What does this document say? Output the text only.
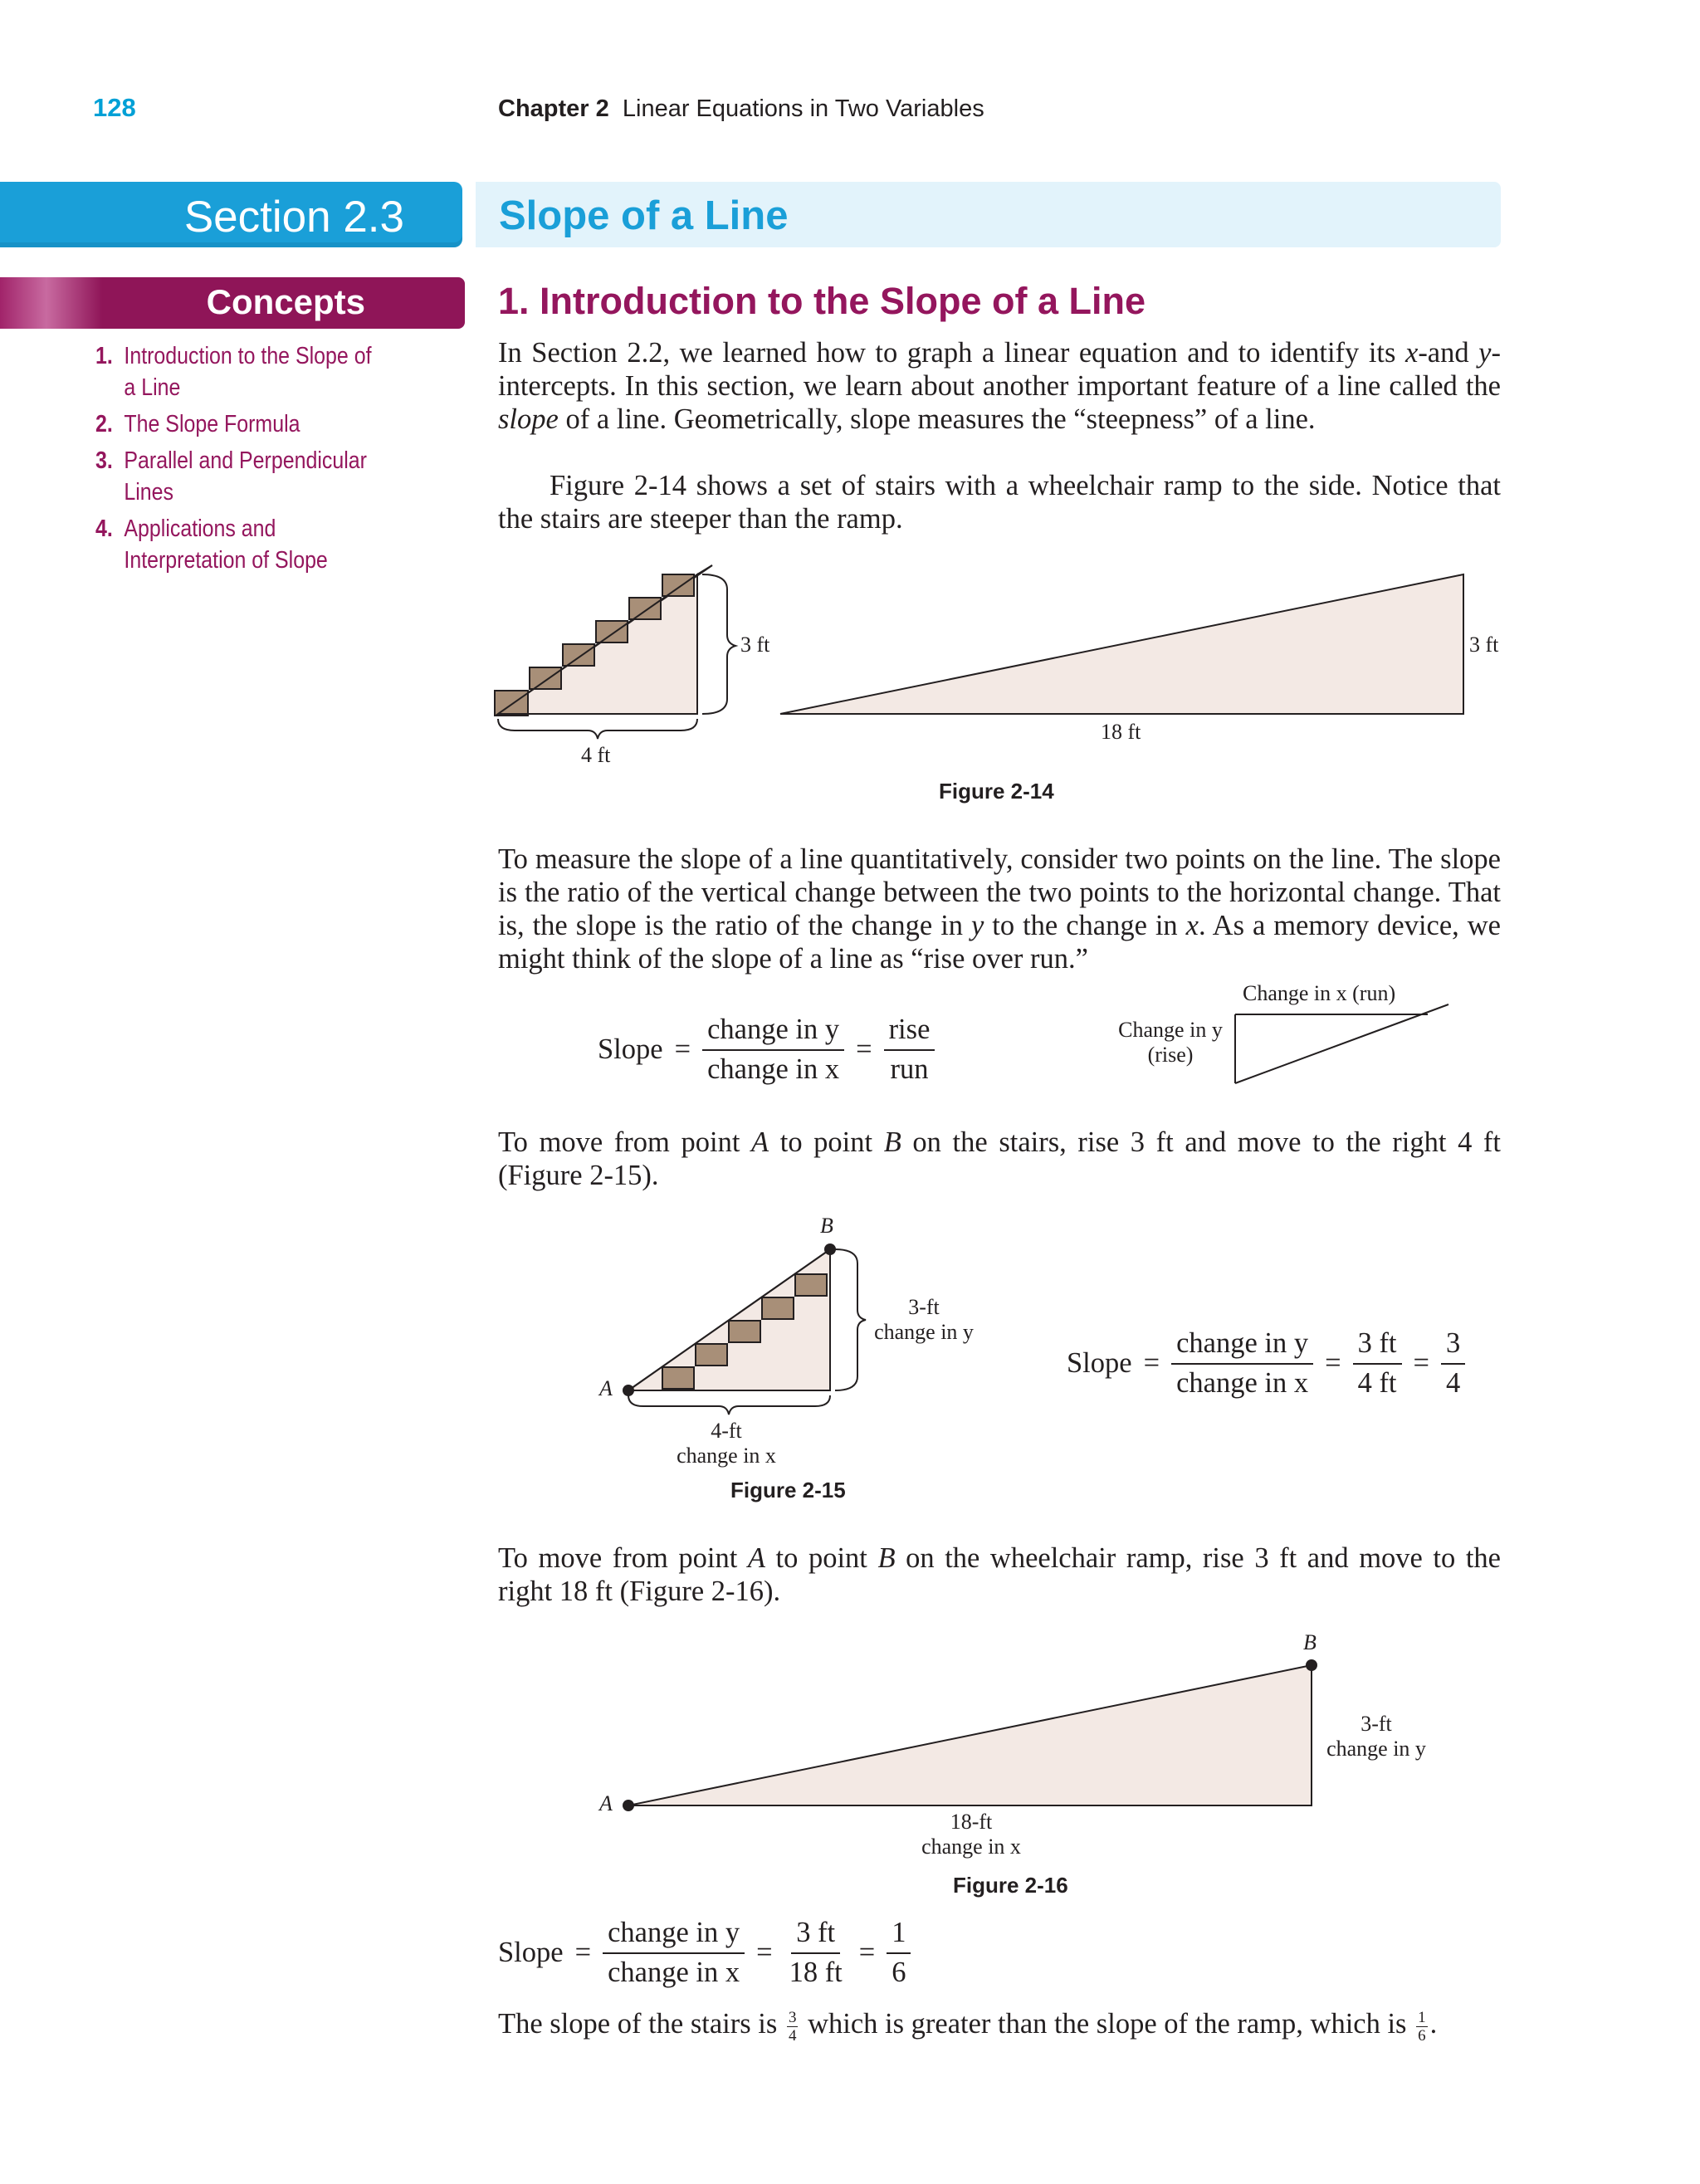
128	Chapter 2 Linear Equations in Two Variables
Section 2.3 Slope of a Line
Concepts
1. Introduction to the Slope of a Line
2. The Slope Formula
3. Parallel and Perpendicular Lines
4. Applications and Interpretation of Slope
1. Introduction to the Slope of a Line
In Section 2.2, we learned how to graph a linear equation and to identify its x-and y-intercepts. In this section, we learn about another important feature of a line called the slope of a line. Geometrically, slope measures the “steepness” of a line.
Figure 2-14 shows a set of stairs with a wheelchair ramp to the side. Notice that the stairs are steeper than the ramp.
3 ft
4 ft
3 ft
18 ft
Figure 2-14
To measure the slope of a line quantitatively, consider two points on the line. The slope is the ratio of the vertical change between the two points to the horizontal change. That is, the slope is the ratio of the change in y to the change in x. As a memory device, we might think of the slope of a line as “rise over run.”
Slope = $\frac{\text{change in y}}{\text{change in x}} = \frac{\text{rise}}{\text{run}}$
Change in x (run)
Change in y
(rise)
To move from point A to point B on the stairs, rise 3 ft and move to the right 4 ft (Figure 2-15).
B
A
3-ft
change in y
4-ft
change in x
Figure 2-15
Slope = $\frac{\text{change in y}}{\text{change in x}} = \frac{3 ft}{4 ft} = \frac{3}{4}$
To move from point A to point B on the wheelchair ramp, rise 3 ft and move to the right 18 ft (Figure 2-16).
B
A
3-ft
change in y
18-ft
change in x
Figure 2-16
Slope = $\frac{\text{change in y}}{\text{change in x}} = \frac{3 ft}{18 ft} = \frac{1}{6}$
The slope of the stairs is $\frac{3}{4}$ which is greater than the slope of the ramp, which is $\frac{1}{6}$ .
